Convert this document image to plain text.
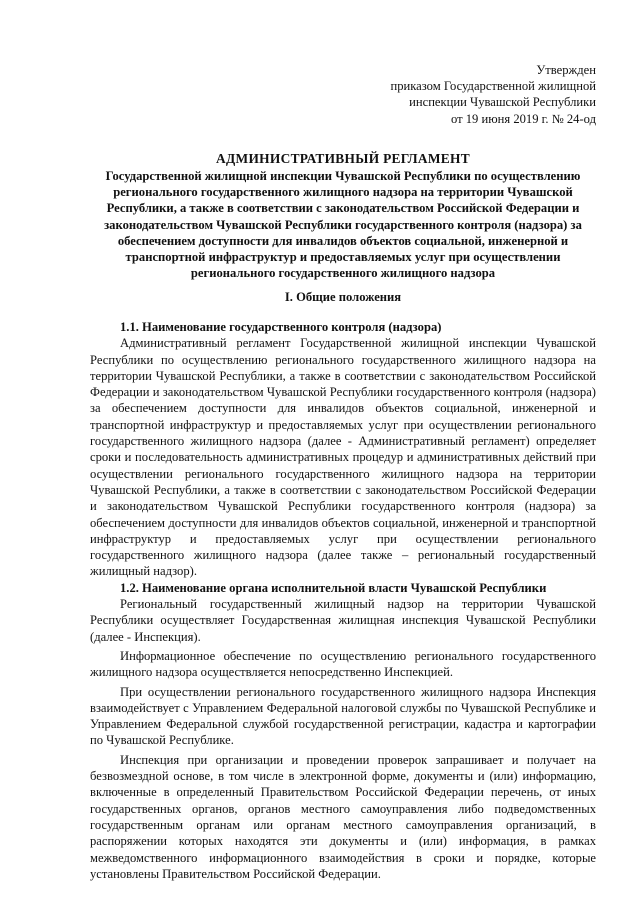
Утвержден
приказом Государственной жилищной
инспекции Чувашской Республики
от 19 июня 2019 г. № 24-од
АДМИНИСТРАТИВНЫЙ РЕГЛАМЕНТ
Государственной жилищной инспекции Чувашской Республики по осуществлению регионального государственного жилищного надзора на территории Чувашской Республики, а также в соответствии с законодательством Российской Федерации и законодательством Чувашской Республики государственного контроля (надзора) за обеспечением доступности для инвалидов объектов социальной, инженерной и транспортной инфраструктур и предоставляемых услуг при осуществлении регионального государственного жилищного надзора
I. Общие положения

1.1. Наименование государственного контроля (надзора)

Административный регламент Государственной жилищной инспекции Чувашской Республики по осуществлению регионального государственного жилищного надзора на территории Чувашской Республики, а также в соответствии с законодательством Российской Федерации и законодательством Чувашской Республики государственного контроля (надзора) за обеспечением доступности для инвалидов объектов социальной, инженерной и транспортной инфраструктур и предоставляемых услуг при осуществлении регионального государственного жилищного надзора (далее - Административный регламент) определяет сроки и последовательность административных процедур и административных действий при осуществлении регионального государственного жилищного надзора на территории Чувашской Республики, а также в соответствии с законодательством Российской Федерации и законодательством Чувашской Республики государственного контроля (надзора) за обеспечением доступности для инвалидов объектов социальной, инженерной и транспортной инфраструктур и предоставляемых услуг при осуществлении регионального государственного жилищного надзора (далее также – региональный государственный жилищный надзор).

1.2. Наименование органа исполнительной власти Чувашской Республики

Региональный государственный жилищный надзор на территории Чувашской Республики осуществляет Государственная жилищная инспекция Чувашской Республики (далее - Инспекция).

Информационное обеспечение по осуществлению регионального государственного жилищного надзора осуществляется непосредственно Инспекцией.

При осуществлении регионального государственного жилищного надзора Инспекция взаимодействует с Управлением Федеральной налоговой службы по Чувашской Республике и Управлением Федеральной службой государственной регистрации, кадастра и картографии по Чувашской Республике.

Инспекция при организации и проведении проверок запрашивает и получает на безвозмездной основе, в том числе в электронной форме, документы и (или) информацию, включенные в определенный Правительством Российской Федерации перечень, от иных государственных органов, органов местного самоуправления либо подведомственных государственным органам или органам местного самоуправления организаций, в распоряжении которых находятся эти документы и (или) информация, в рамках межведомственного информационного взаимодействия в сроки и порядке, которые установлены Правительством Российской Федерации.
